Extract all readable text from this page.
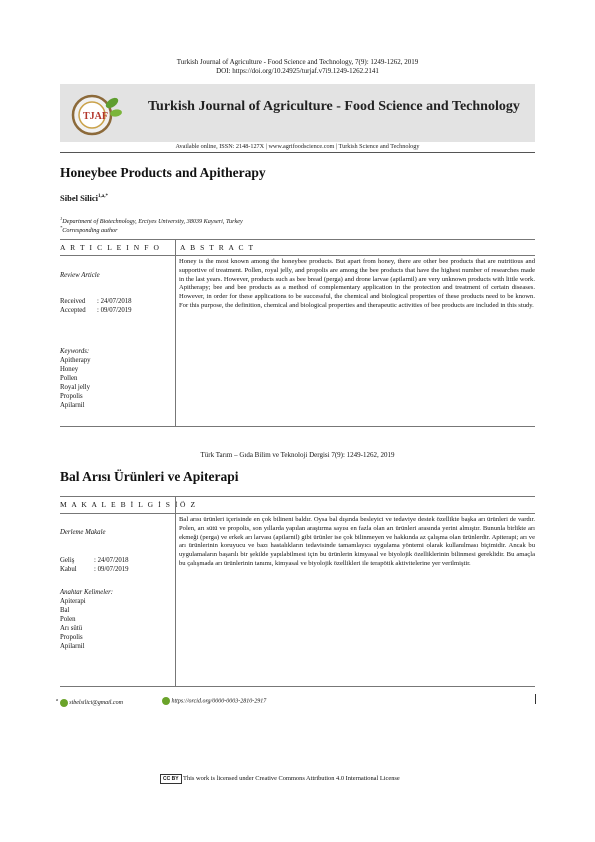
Turkish Journal of Agriculture - Food Science and Technology, 7(9): 1249-1262, 2019
DOI: https://doi.org/10.24925/turjaf.v7i9.1249-1262.2141
TJAF
Turkish Journal of Agriculture - Food Science and Technology
Available online, ISSN: 2148-127X | www.agrifoodscience.com | Turkish Science and Technology
Honeybee Products and Apitherapy
Sibel Silici$^{1,a,*}$
$^1$Department of Biotechnology, Erciyes University, 38039 Kayseri, Turkey
*Corresponding author
A R T I C L E I N F O	A B S T R A C T
Review Article
Received	: 24/07/2018
Accepted	: 09/07/2019
Keywords:
Apitherapy
Honey
Pollen
Royal jelly
Propolis
Apilarnil
Honey is the most known among the honeybee products. But apart from honey, there are other bee products that are nutritious and supportive of treatment. Pollen, royal jelly, and propolis are among the bee products that have the highest number of researches made in the last years. However, products such as bee bread (perga) and drone larvae (apilarnil) are very unknown products with little work. Apitherapy; bee and bee products as a method of complementary application in the protection and treatment of certain diseases. However, in order for these applications to be successful, the chemical and biological properties of these products need to be known. For this purpose, the definition, chemical and biological properties and therapeutic activities of bee products are included in this study.
Türk Tarım – Gıda Bilim ve Teknoloji Dergisi 7(9): 1249-1262, 2019
Bal Arısı Ürünleri ve Apiterapi
M A K A L E B İ L G İ S İ Ö Z
Derleme Makale
Geliş	: 24/07/2018
Kabul	: 09/07/2019
Anahtar Kelimeler:
Apiterapi
Bal
Polen
Arı sütü
Propolis
Apilarnil
Bal arısı ürünleri içerisinde en çok bilineni baldır. Oysa bal dışında besleyici ve tedaviye destek özellikte başka arı ürünleri de vardır. Polen, arı sütü ve propolis, son yıllarda yapılan araştırma sayısı en fazla olan arı ürünleri arasında yerini almıştır. Bununla birlikte arı ekmeği (perga) ve erkek arı larvası (apilarnil) gibi ürünler ise çok bilinmeyen ve hakkında az çalışma olan ürünlerdir. Apiterapi; arı ve arı ürünlerinin koruyucu ve bazı hastalıkların tedavisinde tamamlayıcı uygulama yöntemi olarak kullanılması biçimidir. Ancak bu uygulamaların başarılı bir şekilde yapılabilmesi için bu ürünlerin kimyasal ve biyolojik özelliklerinin bilinmesi gereklidir. Bu amaçla bu çalışmada arı ürünlerinin tanımı, kimyasal ve biyolojik özellikleri ile terapötik aktivitelerine yer verilmiştir.
$^a$  sibelsilici@gmail.com	https://orcid.org/0000-0003-2810-2917
CC BY This work is licensed under Creative Commons Attribution 4.0 International License
